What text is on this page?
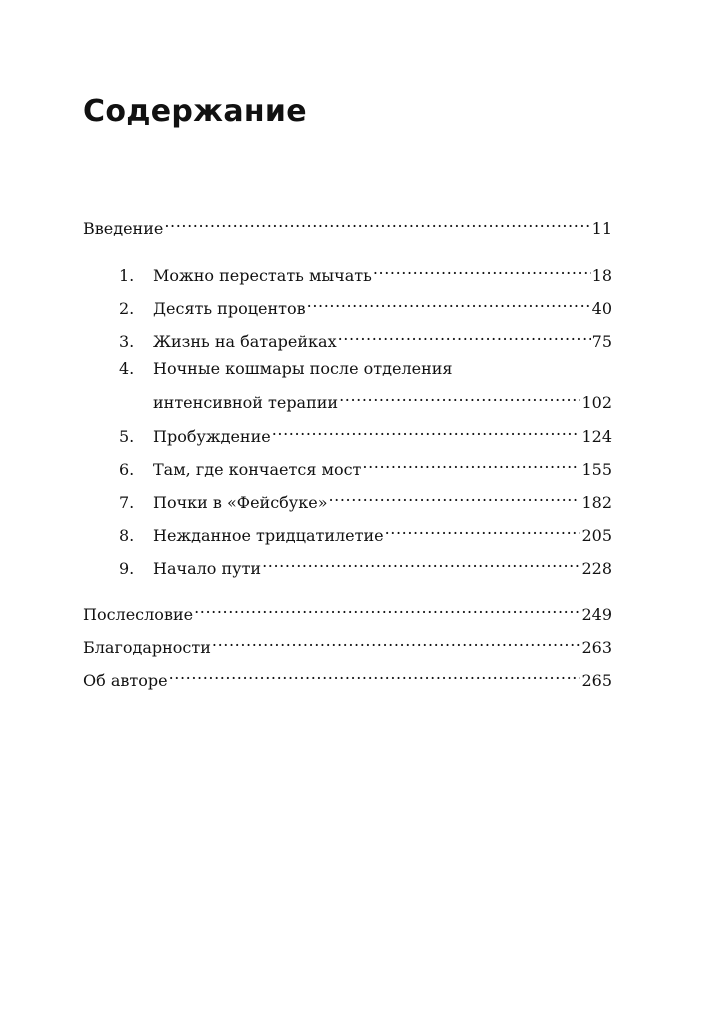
Содержание
Введение .....	11
1.	Можно перестать мычать .....	18
2.	Десять процентов .....	40
3.	Жизнь на батарейках .....	75
4. Ночные кошмары после отделения
интенсивной терапии .....	102
5.	Пробуждение .....	124
6.	Там, где кончается мост .....	155
7.	Почки в «Фейсбуке» .....	182
8.	Нежданное тридцатилетие .....	205
9.	Начало пути .....	228
Послесловие .....	249
Благодарности .....	263
Об авторе .....	265
